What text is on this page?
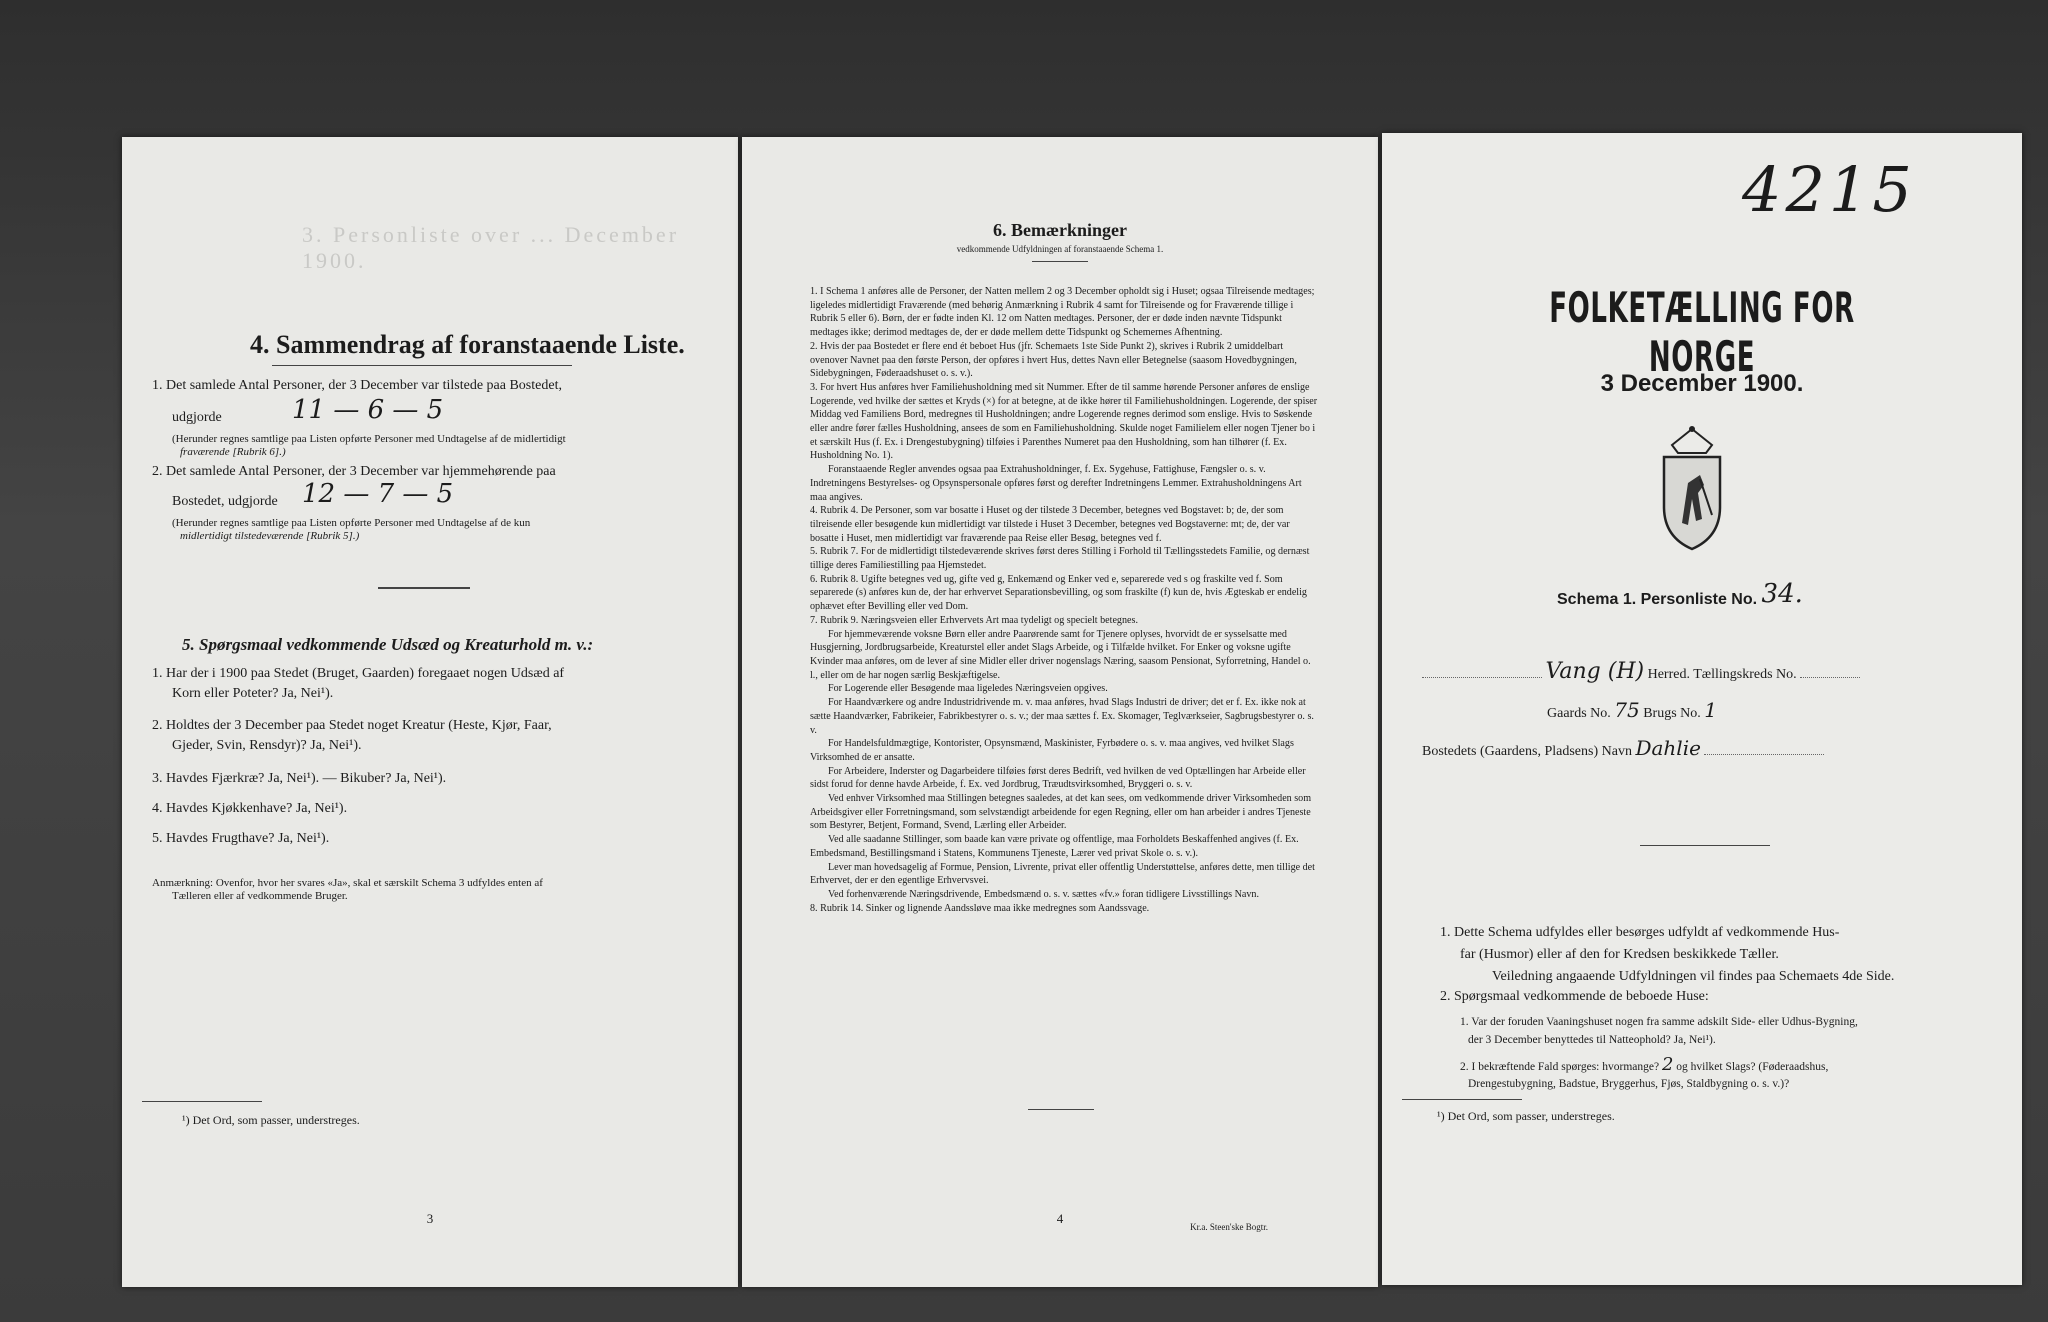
3. Personliste over ... December 1900.
4. Sammendrag af foranstaaende Liste.
1. Det samlede Antal Personer, der 3 December var tilstede paa Bostedet,
udgjorde	11 — 6 — 5
(Herunder regnes samtlige paa Listen opførte Personer med Undtagelse af de midlertidigt
fraværende [Rubrik 6].)
2. Det samlede Antal Personer, der 3 December var hjemmehørende paa
Bostedet, udgjorde 12 — 7 — 5
(Herunder regnes samtlige paa Listen opførte Personer med Undtagelse af de kun
midlertidigt tilstedeværende [Rubrik 5].)
5. Spørgsmaal vedkommende Udsæd og Kreaturhold m. v.:
1. Har der i 1900 paa Stedet (Bruget, Gaarden) foregaaet nogen Udsæd af
Korn eller Poteter? Ja, Nei¹).
2. Holdtes der 3 December paa Stedet noget Kreatur (Heste, Kjør, Faar,
Gjeder, Svin, Rensdyr)? Ja, Nei¹).
3. Havdes Fjærkræ? Ja, Nei¹). — Bikuber? Ja, Nei¹).
4. Havdes Kjøkkenhave? Ja, Nei¹).
5. Havdes Frugthave? Ja, Nei¹).
Anmærkning: Ovenfor, hvor her svares «Ja», skal et særskilt Schema 3 udfyldes enten af
Tælleren eller af vedkommende Bruger.
¹) Det Ord, som passer, understreges.
3
6. Bemærkninger
vedkommende Udfyldningen af foranstaaende Schema 1.

1. I Schema 1 anføres alle de Personer, der Natten mellem 2 og 3 December opholdt sig i Huset; ogsaa Tilreisende medtages; ligeledes midlertidigt Fraværende (med behørig Anmærkning i Rubrik 4 samt for Tilreisende og for Fraværende tillige i Rubrik 5 eller 6). Børn, der er fødte inden Kl. 12 om Natten medtages. Personer, der er døde inden nævnte Tidspunkt medtages ikke; derimod medtages de, der er døde mellem dette Tidspunkt og Schemernes Afhentning.

2. Hvis der paa Bostedet er flere end ét beboet Hus (jfr. Schemaets 1ste Side Punkt 2), skrives i Rubrik 2 umiddelbart ovenover Navnet paa den første Person, der opføres i hvert Hus, dettes Navn eller Betegnelse (saasom Hovedbygningen, Sidebygningen, Føderaadshuset o. s. v.).

3. For hvert Hus anføres hver Familiehusholdning med sit Nummer. Efter de til samme hørende Personer anføres de enslige Logerende, ved hvilke der sættes et Kryds (×) for at betegne, at de ikke hører til Familiehusholdningen. Logerende, der spiser Middag ved Familiens Bord, medregnes til Husholdningen; andre Logerende regnes derimod som enslige. Hvis to Søskende eller andre fører fælles Husholdning, ansees de som en Familiehusholdning. Skulde noget Familielem eller nogen Tjener bo i et særskilt Hus (f. Ex. i Drengestubygning) tilføies i Parenthes Numeret paa den Husholdning, som han tilhører (f. Ex. Husholdning No. 1).

Foranstaaende Regler anvendes ogsaa paa Extrahusholdninger, f. Ex. Sygehuse, Fattighuse, Fængsler o. s. v. Indretningens Bestyrelses- og Opsynspersonale opføres først og derefter Indretningens Lemmer. Extrahusholdningens Art maa angives.

4. Rubrik 4. De Personer, som var bosatte i Huset og der tilstede 3 December, betegnes ved Bogstavet: b; de, der som tilreisende eller besøgende kun midlertidigt var tilstede i Huset 3 December, betegnes ved Bogstaverne: mt; de, der var bosatte i Huset, men midlertidigt var fraværende paa Reise eller Besøg, betegnes ved f.

5. Rubrik 7. For de midlertidigt tilstedeværende skrives først deres Stilling i Forhold til Tællingsstedets Familie, og dernæst tillige deres Familiestilling paa Hjemstedet.

6. Rubrik 8. Ugifte betegnes ved ug, gifte ved g, Enkemænd og Enker ved e, separerede ved s og fraskilte ved f. Som separerede (s) anføres kun de, der har erhvervet Separationsbevilling, og som fraskilte (f) kun de, hvis Ægteskab er endelig ophævet efter Bevilling eller ved Dom.

7. Rubrik 9. Næringsveien eller Erhvervets Art maa tydeligt og specielt betegnes.

For hjemmeværende voksne Børn eller andre Paarørende samt for Tjenere oplyses, hvorvidt de er sysselsatte med Husgjerning, Jordbrugsarbeide, Kreaturstel eller andet Slags Arbeide, og i Tilfælde hvilket. For Enker og voksne ugifte Kvinder maa anføres, om de lever af sine Midler eller driver nogenslags Næring, saasom Pensionat, Syforretning, Handel o. l., eller om de har nogen særlig Beskjæftigelse.

For Logerende eller Besøgende maa ligeledes Næringsveien opgives.

For Haandværkere og andre Industridrivende m. v. maa anføres, hvad Slags Industri de driver; det er f. Ex. ikke nok at sætte Haandværker, Fabrikeier, Fabrikbestyrer o. s. v.; der maa sættes f. Ex. Skomager, Teglværkseier, Sagbrugsbestyrer o. s. v.

For Handelsfuldmægtige, Kontorister, Opsynsmænd, Maskinister, Fyrbødere o. s. v. maa angives, ved hvilket Slags Virksomhed de er ansatte.

For Arbeidere, Inderster og Dagarbeidere tilføies først deres Bedrift, ved hvilken de ved Optællingen har Arbeide eller sidst forud for denne havde Arbeide, f. Ex. ved Jordbrug, Træudtsvirksomhed, Bryggeri o. s. v.

Ved enhver Virksomhed maa Stillingen betegnes saaledes, at det kan sees, om vedkommende driver Virksomheden som Arbeidsgiver eller Forretningsmand, som selvstændigt arbeidende for egen Regning, eller om han arbeider i andres Tjeneste som Bestyrer, Betjent, Formand, Svend, Lærling eller Arbeider.

Ved alle saadanne Stillinger, som baade kan være private og offentlige, maa Forholdets Beskaffenhed angives (f. Ex. Embedsmand, Bestillingsmand i Statens, Kommunens Tjeneste, Lærer ved privat Skole o. s. v.).

Lever man hovedsagelig af Formue, Pension, Livrente, privat eller offentlig Understøttelse, anføres dette, men tillige det Erhvervet, der er den egentlige Erhvervsvei.

Ved forhenværende Næringsdrivende, Embedsmænd o. s. v. sættes «fv.» foran tidligere Livsstillings Navn.

8. Rubrik 14. Sinker og lignende Aandssløve maa ikke medregnes som Aandssvage.

Kr.a. Steen'ske Bogtr.
4
4215
FOLKETÆLLING FOR NORGE
3 December 1900.
Schema 1. Personliste No. 34.
Vang (H) Herred. Tællingskreds No.
Gaards No. 75 Brugs No. 1
Bostedets (Gaardens, Pladsens) Navn Dahlie
1. Dette Schema udfyldes eller besørges udfyldt af vedkommende Hus-
far (Husmor) eller af den for Kredsen beskikkede Tæller.
Veiledning angaaende Udfyldningen vil findes paa Schemaets 4de Side.
2. Spørgsmaal vedkommende de beboede Huse:
1. Var der foruden Vaaningshuset nogen fra samme adskilt Side- eller Udhus-Bygning,
der 3 December benyttedes til Natteophold? Ja, Nei¹).
2. I bekræftende Fald spørges: hvormange? 2 og hvilket Slags? (Føderaadshus,
Drengestubygning, Badstue, Bryggerhus, Fjøs, Staldbygning o. s. v.)?
¹) Det Ord, som passer, understreges.
